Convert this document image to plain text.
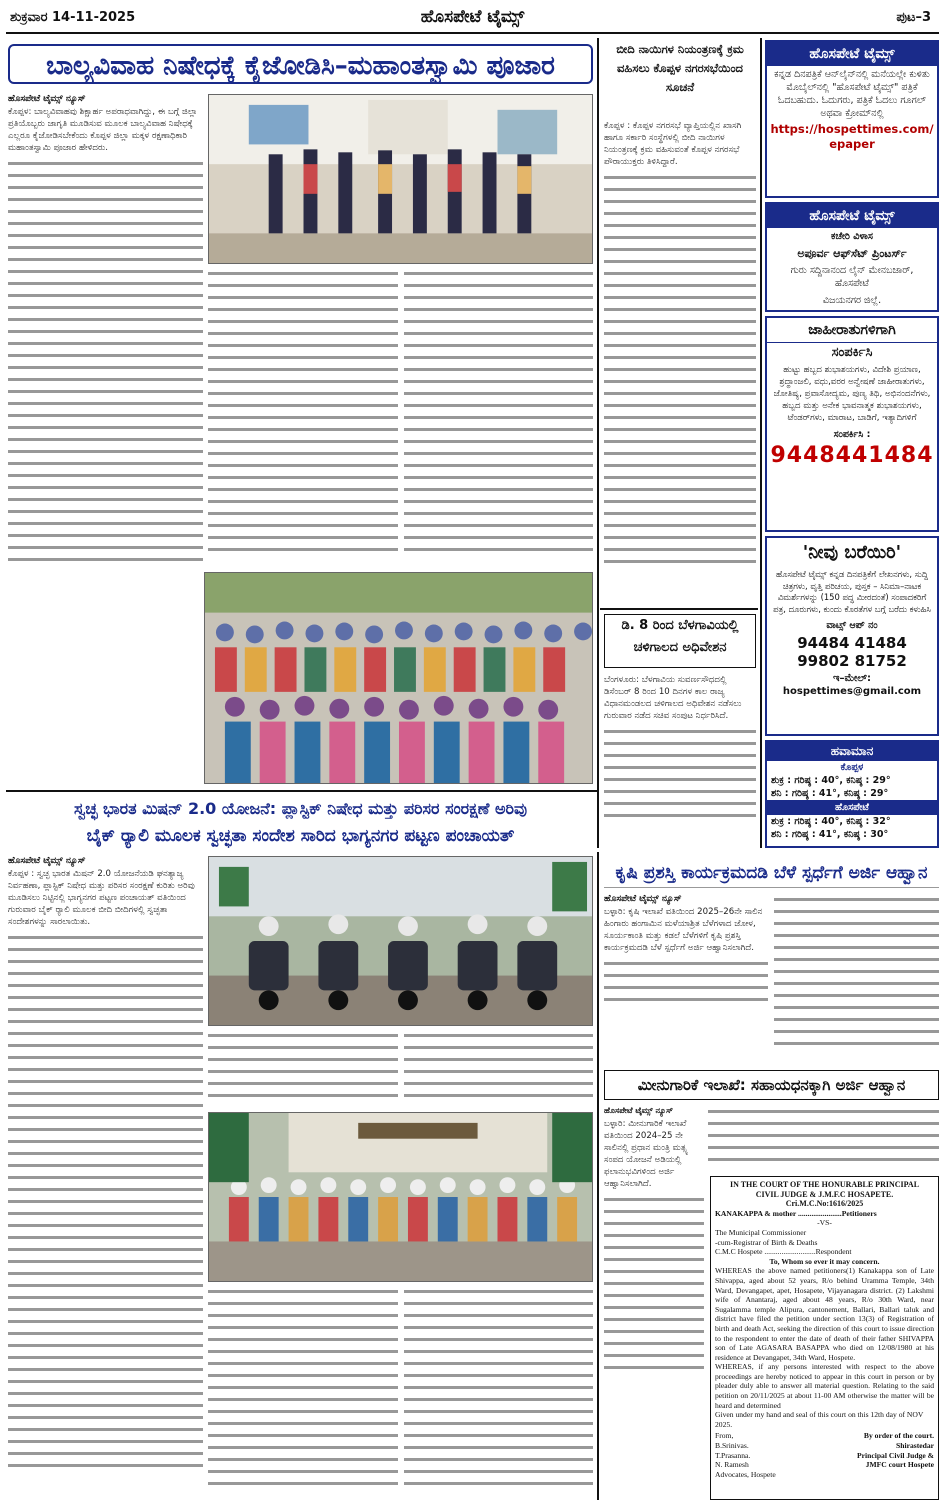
ಶುಕ್ರವಾರ 14-11-2025	ಹೊಸಪೇಟೆ ಟೈಮ್ಸ್	ಪುಟ–3
ಬಾಲ್ಯವಿವಾಹ ನಿಷೇಧಕ್ಕೆ ಕೈಜೋಡಿಸಿ–ಮಹಾಂತಸ್ವಾಮಿ ಪೂಜಾರ
ಹೊಸಪೇಟೆ ಟೈಮ್ಸ್ ನ್ಯೂಸ್
ಕೊಪ್ಪಳ: ಬಾಲ್ಯವಿವಾಹವು ಶಿಕ್ಷಾರ್ಹ ಅಪರಾಧವಾಗಿದ್ದು, ಈ ಬಗ್ಗೆ ಜಿಲ್ಲಾ ಪ್ರತಿಯೊಬ್ಬರು ಜಾಗೃತಿ ಮೂಡಿಸುವ ಮೂಲಕ ಬಾಲ್ಯವಿವಾಹ ನಿಷೇಧಕ್ಕೆ ಎಲ್ಲರೂ ಕೈಜೋಡಿಸಬೇಕೆಂದು ಕೊಪ್ಪಳ ಜಿಲ್ಲಾ ಮಕ್ಕಳ ರಕ್ಷಣಾಧಿಕಾರಿ ಮಹಾಂತಸ್ವಾಮಿ ಪೂಜಾರ ಹೇಳಿದರು.
ಬೀದಿ ನಾಯಿಗಳ ನಿಯಂತ್ರಣಕ್ಕೆ ಕ್ರಮ ವಹಿಸಲು ಕೊಪ್ಪಳ ನಗರಸಭೆಯಿಂದ ಸೂಚನೆ
ಕೊಪ್ಪಳ : ಕೊಪ್ಪಳ ನಗರಸಭೆ ವ್ಯಾಪ್ತಿಯಲ್ಲಿನ ಖಾಸಗಿ ಹಾಗೂ ಸರ್ಕಾರಿ ಸಂಸ್ಥೆಗಳಲ್ಲಿ ಬೀದಿ ನಾಯಿಗಳ ನಿಯಂತ್ರಣಕ್ಕೆ ಕ್ರಮ ವಹಿಸುವಂತೆ ಕೊಪ್ಪಳ ನಗರಸಭೆ ಪೌರಾಯುಕ್ತರು ತಿಳಿಸಿದ್ದಾರೆ.
ಡಿ. 8 ರಿಂದ ಬೆಳಗಾವಿಯಲ್ಲಿ ಚಳಿಗಾಲದ ಅಧಿವೇಶನ
ಬೆಂಗಳೂರು: ಬೆಳಗಾವಿಯ ಸುವರ್ಣಸೌಧದಲ್ಲಿ ಡಿಸೆಂಬರ್ 8 ರಿಂದ 10 ದಿನಗಳ ಕಾಲ ರಾಜ್ಯ ವಿಧಾನಮಂಡಲದ ಚಳಿಗಾಲದ ಅಧಿವೇಶನ ನಡೆಸಲು ಗುರುವಾರ ನಡೆದ ಸಚಿವ ಸಂಪುಟ ನಿರ್ಧರಿಸಿದೆ.
ಹೊಸಪೇಟೆ ಟೈಮ್ಸ್
ಕನ್ನಡ ದಿನಪತ್ರಿಕೆ ಆನ್‌ಲೈನ್‌ನಲ್ಲಿ ಮನೆಯಲ್ಲೇ ಕುಳಿತು ಮೊಬೈಲ್‌ನಲ್ಲಿ "ಹೊಸಪೇಟೆ ಟೈಮ್ಸ್" ಪತ್ರಿಕೆ ಓದಬಹುದು. ಓದುಗರು, ಪತ್ರಿಕೆ ಓದಲು ಗೂಗಲ್ ಅಥವಾ ಕ್ರೋಮ್‌ನಲ್ಲಿ
https://hospettimes.com/
epaper
ಹೊಸಪೇಟೆ ಟೈಮ್ಸ್
ಕಚೇರಿ ವಿಳಾಸ
ಅಪೂರ್ವ ಆಫ್‌ಸೆಟ್ ಪ್ರಿಂಟರ್ಸ್
ಗುರು ಸದ್ದಿನಾನಂದ ಲೈನ್ ಮೇನಬಜಾರ್, ಹೊಸಪೇಟೆ
ವಿಜಯನಗರ ಜಿಲ್ಲೆ.
ಜಾಹೀರಾತುಗಳಿಗಾಗಿ
ಸಂಪರ್ಕಿಸಿ
ಹುಟ್ಟು ಹಬ್ಬದ ಶುಭಾಶಯಗಳು, ವಿದೇಶಿ ಪ್ರಯಾಣ, ಶ್ರದ್ಧಾಂಜಲಿ, ವಧು,ವರರ ಅನ್ವೇಷಣೆ ಜಾಹೀರಾತುಗಳು, ಜೋತಿಷ್ಯ, ಪ್ರವಾಸೋದ್ಯಮ, ಪುಣ್ಯ ತಿಥಿ, ಅಭಿನಂದನೆಗಳು, ಹಬ್ಬದ ಮತ್ತು ಅನೇಕ ಭಾವನಾತ್ಮಕ ಶುಭಾಶಯಗಳು, ಟೆಂಡರ್‌ಗಳು, ಮಾರಾಟ, ಬಾಡಿಗೆ, ಇತ್ಯಾದಿಗಳಿಗೆ
ಸಂಪರ್ಕಿಸಿ :
9448441484
'ನೀವು ಬರೆಯಿರಿ'
ಹೊಸಪೇಟೆ ಟೈಮ್ಸ್ ಕನ್ನಡ ದಿನಪತ್ರಿಕೆಗೆ ಲೇಖನಗಳು, ಸುದ್ದಿ ಚಿತ್ರಗಳು, ವೃತ್ತಿ ಪರಿಚಯ, ಪುಸ್ತಕ – ಸಿನಿಮಾ–ನಾಟಕ ವಿಮರ್ಶೆಗಳನ್ನು (150 ಪದ್ಧ ಮೀರದಂತೆ) ಸಂಪಾದಕರಿಗೆ ಪತ್ರ, ದೂರುಗಳು, ಕುಂದು ಕೊರತೆಗಳ ಬಗ್ಗೆ ಬರೆದು ಕಳುಹಿಸಿ
ವಾಟ್ಸ್ ಆಪ್ ನಂ
94484 41484
99802 81752
ಇ–ಮೇಲ್: hospettimes@gmail.com
ಹವಾಮಾನ
ಕೊಪ್ಪಳ
ಶುಕ್ರ : ಗರಿಷ್ಠ : 40°, ಕನಿಷ್ಠ : 29°
ಶನಿ : ಗರಿಷ್ಠ : 41°, ಕನಿಷ್ಠ : 29°
ಹೊಸಪೇಟೆ
ಶುಕ್ರ : ಗರಿಷ್ಠ : 40°, ಕನಿಷ್ಠ : 32°
ಶನಿ : ಗರಿಷ್ಠ : 41°, ಕನಿಷ್ಠ : 30°
ಸ್ವಚ್ಛ ಭಾರತ ಮಿಷನ್ 2.0 ಯೋಜನೆ: ಪ್ಲಾಸ್ಟಿಕ್ ನಿಷೇಧ ಮತ್ತು ಪರಿಸರ ಸಂರಕ್ಷಣೆ ಅರಿವು
ಬೈಕ್ ರ್‍ಯಾಲಿ ಮೂಲಕ ಸ್ವಚ್ಛತಾ ಸಂದೇಶ ಸಾರಿದ ಭಾಗ್ಯನಗರ ಪಟ್ಟಣ ಪಂಚಾಯತ್
ಹೊಸಪೇಟೆ ಟೈಮ್ಸ್ ನ್ಯೂಸ್
ಕೊಪ್ಪಳ : ಸ್ವಚ್ಛ ಭಾರತ ಮಿಷನ್ 2.0 ಯೋಜನೆಯಡಿ ಘನತ್ಯಾಜ್ಯ ನಿರ್ವಹಣಾ, ಪ್ಲಾಸ್ಟಿಕ್ ನಿಷೇಧ ಮತ್ತು ಪರಿಸರ ಸಂರಕ್ಷಣೆ ಕುರಿತು ಅರಿವು ಮೂಡಿಸಲು ನಿಟ್ಟಿನಲ್ಲಿ ಭಾಗ್ಯನಗರ ಪಟ್ಟಣ ಪಂಚಾಯತ್ ವತಿಯಿಂದ ಗುರುವಾರ ಬೈಕ್ ರ್‍ಯಾಲಿ ಮೂಲಕ ಬೀದಿ ಬೀದಿಗಳಲ್ಲಿ ಸ್ವಚ್ಛತಾ ಸಂದೇಶಗಳನ್ನು ಸಾರಲಾಯಿತು.
ಕೃಷಿ ಪ್ರಶಸ್ತಿ ಕಾರ್ಯಕ್ರಮದಡಿ ಬೆಳೆ ಸ್ಪರ್ಧೆಗೆ ಅರ್ಜಿ ಆಹ್ವಾನ
ಹೊಸಪೇಟೆ ಟೈಮ್ಸ್ ನ್ಯೂಸ್
ಬಳ್ಳಾರಿ: ಕೃಷಿ ಇಲಾಖೆ ವತಿಯಿಂದ 2025–26ನೇ ಸಾಲಿನ ಹಿಂಗಾರು ಹಂಗಾಮಿನ ಮಳೆಯಾಶ್ರಿತ ಬೆಳೆಗಳಾದ ಜೋಳ, ಸೂರ್ಯಕಾಂತಿ ಮತ್ತು ಕಡಲೆ ಬೆಳೆಗಳಿಗೆ ಕೃಷಿ ಪ್ರಶಸ್ತಿ ಕಾರ್ಯಕ್ರಮದಡಿ ಬೆಳೆ ಸ್ಪರ್ಧೆಗೆ ಅರ್ಜಿ ಆಹ್ವಾನಿಸಲಾಗಿದೆ.
ಮೀನುಗಾರಿಕೆ ಇಲಾಖೆ: ಸಹಾಯಧನಕ್ಕಾಗಿ ಅರ್ಜಿ ಆಹ್ವಾನ
ಹೊಸಪೇಟೆ ಟೈಮ್ಸ್ ನ್ಯೂಸ್
ಬಳ್ಳಾರಿ: ಮೀನುಗಾರಿಕೆ ಇಲಾಖೆ ವತಿಯಿಂದ 2024–25 ನೇ ಸಾಲಿನಲ್ಲಿ ಪ್ರಧಾನ ಮಂತ್ರಿ ಮತ್ಸ್ಯ ಸಂಪದ ಯೋಜನೆ ಅಡಿಯಲ್ಲಿ ಫಲಾನುಭವಿಗಳಿಂದ ಅರ್ಜಿ ಆಹ್ವಾನಿಸಲಾಗಿದೆ.	IN THE COURT OF THE HONURABLE PRINCIPAL
CIVIL JUDGE & J.M.F.C HOSAPETE.
Cri.M.C.No:1616/2025
KANAKAPPA & mother .......................Petitioners
-VS-
The Municipal Commissioner
-cum-Registrar of Birth & Deaths
C.M.C Hospete ...........................Respondent
To, Whom so ever it may concern.
WHEREAS the above named petitioners(1) Kanakappa son of Late Shivappa, aged about 52 years, R/o behind Uramma Temple, 34th Ward, Devangapet, apet, Hosapete, Vijayanagara district. (2) Lakshmi wife of Anantaraj, aged about 48 years, R/o 30th Ward, near Sugalamma temple Alipura, cantonement, Ballari, Ballari taluk and district have filed the petition under section 13(3) of Registration of birth and death Act, seeking the direction of this court to issue direction to the respondent to enter the date of death of their father SHIVAPPA son of Late AGASARA BASAPPA who died on 12/08/1980 at his residence at Devangapet, 34th Ward, Hospete.
WHEREAS, if any persons interested with respect to the above proceedings are hereby noticed to appear in this court in person or by pleader duly able to answer all material question. Relating to the said petition on 20/11/2025 at about 11-00 AM otherwise the matter will be heard and determined
Given under my hand and seal of this court on this 12th day of NOV 2025.
From,
B.Srinivas.
T.Prasanna.
N. Ramesh
Advocates, Hospete
By order of the court.
Shirastedar
Principal Civil Judge &
JMFC court Hospete
